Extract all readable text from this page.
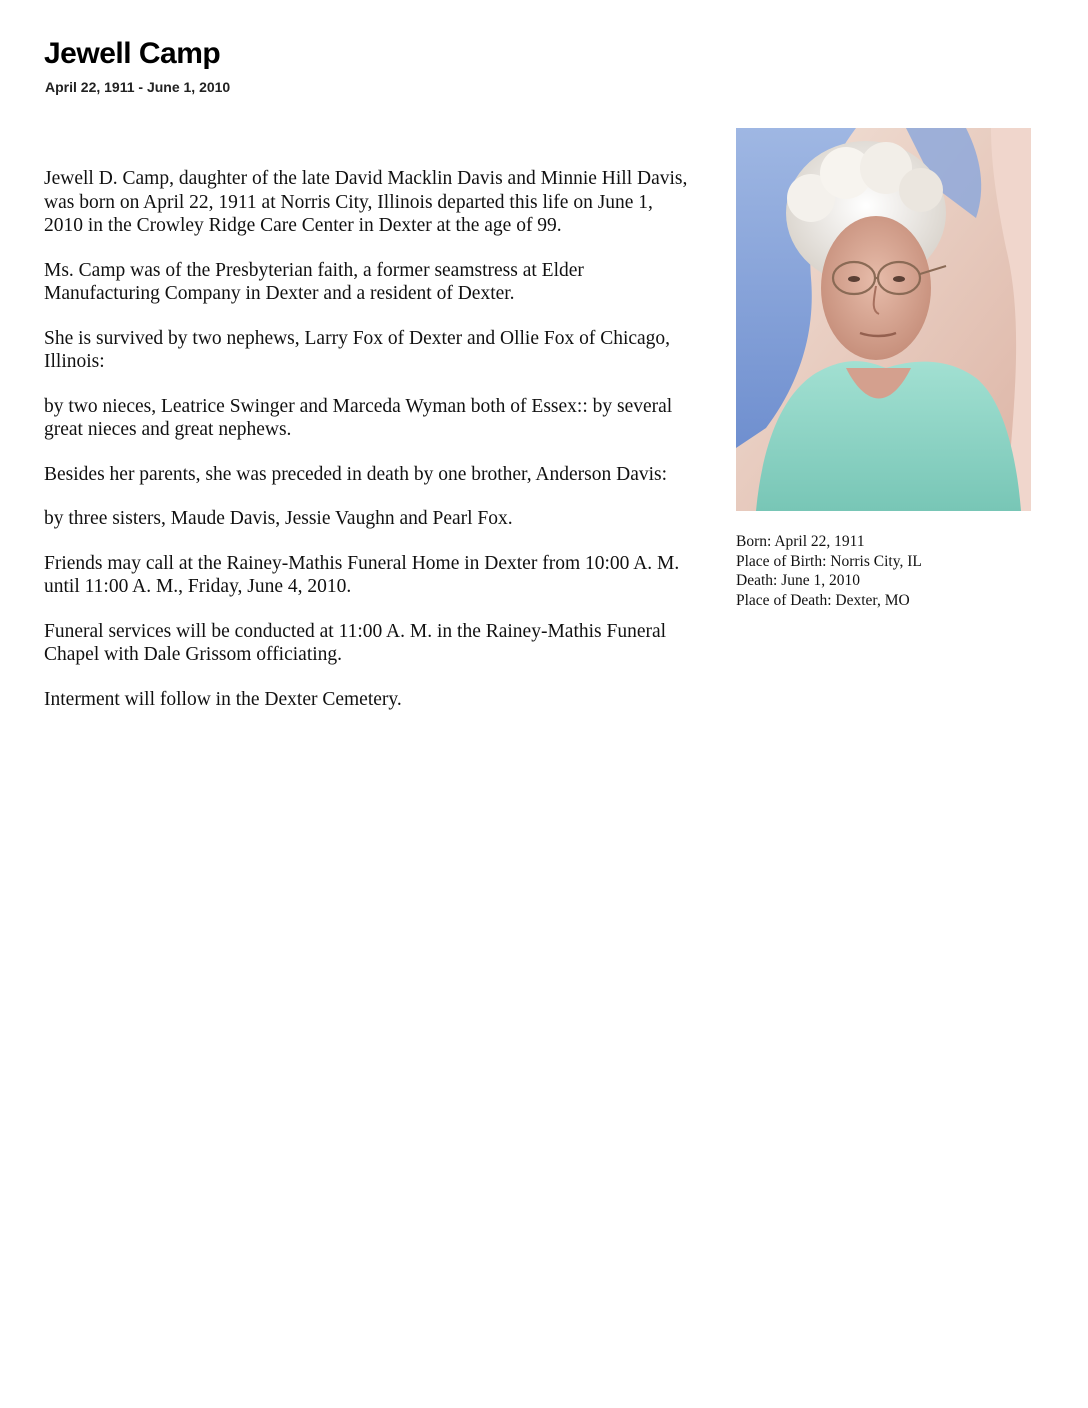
Jewell Camp
April 22, 1911 - June 1, 2010

Jewell D. Camp, daughter of the late David Macklin Davis and Minnie Hill Davis, was born on April 22, 1911 at Norris City, Illinois departed this life on June 1, 2010 in the Crowley Ridge Care Center in Dexter at the age of 99.

Ms. Camp was of the Presbyterian faith, a former seamstress at Elder Manufacturing Company in Dexter and a resident of Dexter.

She is survived by two nephews, Larry Fox of Dexter and Ollie Fox of Chicago, Illinois:

by two nieces, Leatrice Swinger and Marceda Wyman both of Essex:: by several great nieces and great nephews.

Besides her parents, she was preceded in death by one brother, Anderson Davis:

by three sisters, Maude Davis, Jessie Vaughn and Pearl Fox.

Friends may call at the Rainey-Mathis Funeral Home in Dexter from 10:00 A. M. until 11:00 A. M., Friday, June 4, 2010.

Funeral services will be conducted at 11:00 A. M. in the Rainey-Mathis Funeral Chapel with Dale Grissom officiating.

Interment will follow in the Dexter Cemetery.

Born: April 22, 1911
Place of Birth: Norris City, IL
Death: June 1, 2010
Place of Death: Dexter, MO
